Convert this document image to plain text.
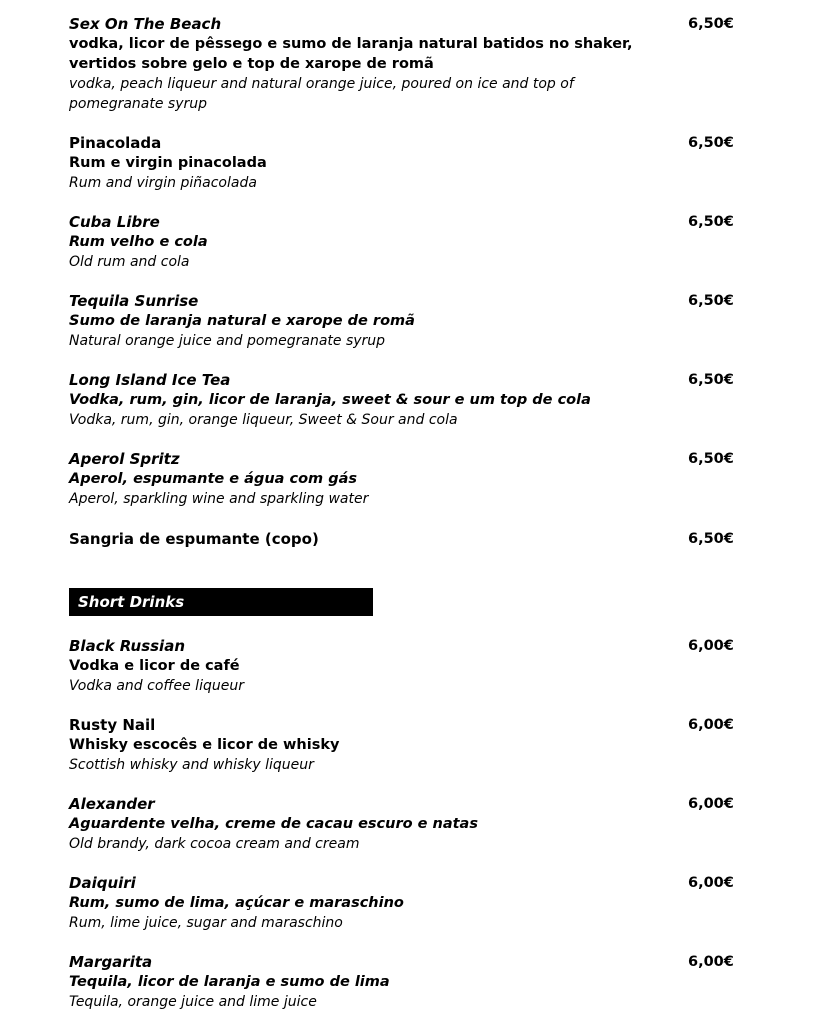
Sex On The Beach
vodka, licor de pêssego e sumo de laranja natural batidos no shaker,
vertidos sobre gelo e top de xarope de romã
vodka, peach liqueur and natural orange juice, poured on ice and top of
pomegranate syrup
6,50€
Pinacolada
Rum e virgin pinacolada
Rum and virgin piñacolada
6,50€
Cuba Libre
Rum velho e cola
Old rum and cola
6,50€
Tequila Sunrise
Sumo de laranja natural e xarope de romã
Natural orange juice and pomegranate syrup
6,50€
Long Island Ice Tea
Vodka, rum, gin, licor de laranja, sweet & sour e um top de cola
Vodka, rum, gin, orange liqueur, Sweet & Sour and cola
6,50€
Aperol Spritz
Aperol, espumante e água com gás
Aperol, sparkling wine and sparkling water
6,50€
Sangria de espumante (copo)	6,50€
Short Drinks
Black Russian
Vodka e licor de café
Vodka and coffee liqueur
6,00€
Rusty Nail
Whisky escocês e licor de whisky
Scottish whisky and whisky liqueur
6,00€
Alexander
Aguardente velha, creme de cacau escuro e natas
Old brandy, dark cocoa cream and cream
6,00€
Daiquiri
Rum, sumo de lima, açúcar e maraschino
Rum, lime juice, sugar and maraschino
6,00€
Margarita
Tequila, licor de laranja e sumo de lima
Tequila, orange juice and lime juice
6,00€
